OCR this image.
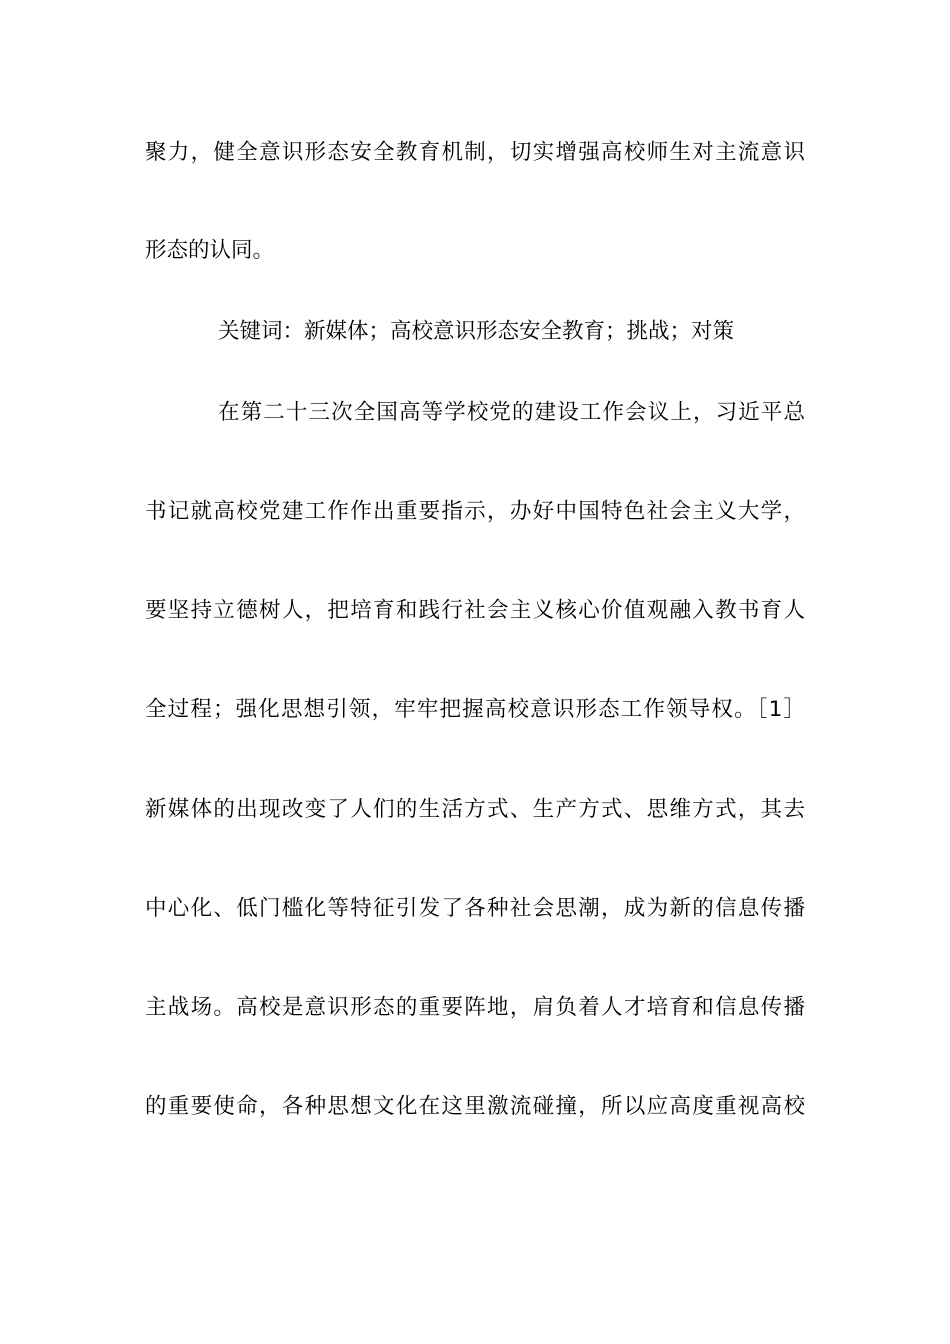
聚力，健全意识形态安全教育机制，切实增强高校师生对主流意识
形态的认同。
关键词：新媒体；高校意识形态安全教育；挑战；对策
在第二十三次全国高等学校党的建设工作会议上，习近平总
书记就高校党建工作作出重要指示，办好中国特色社会主义大学，
要坚持立德树人，把培育和践行社会主义核心价值观融入教书育人
全过程；强化思想引领，牢牢把握高校意识形态工作领导权。［1］
新媒体的出现改变了人们的生活方式、生产方式、思维方式，其去
中心化、低门槛化等特征引发了各种社会思潮，成为新的信息传播
主战场。高校是意识形态的重要阵地，肩负着人才培育和信息传播
的重要使命，各种思想文化在这里激流碰撞，所以应高度重视高校
